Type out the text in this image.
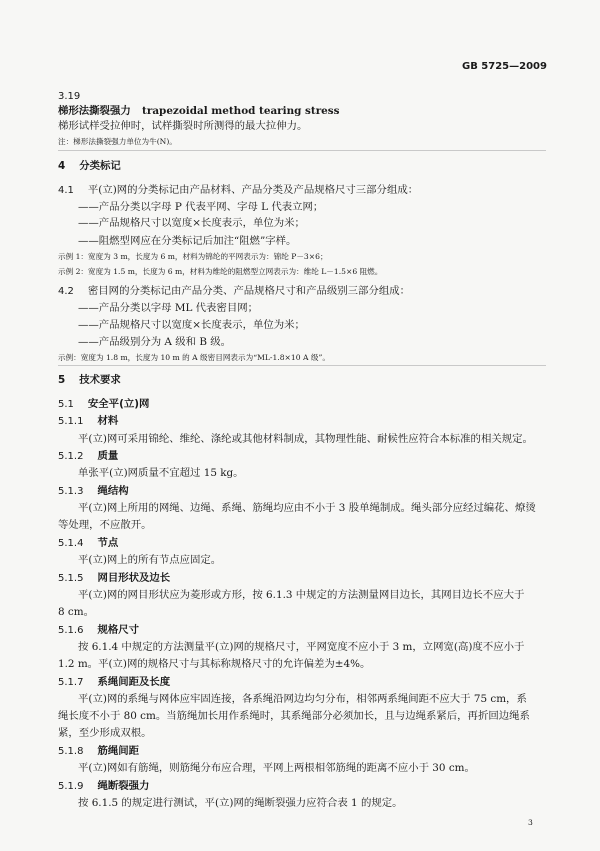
GB 5725—2009
3.19
梯形法撕裂强力 trapezoidal method tearing stress
梯形试样受拉伸时，试样撕裂时所测得的最大拉伸力。
注：梯形法撕裂强力单位为牛(N)。
4 分类标记
4.1 平(立)网的分类标记由产品材料、产品分类及产品规格尺寸三部分组成：
——产品分类以字母 P 代表平网、字母 L 代表立网；
——产品规格尺寸以宽度×长度表示，单位为米；
——阻燃型网应在分类标记后加注“阻燃”字样。
示例 1：宽度为 3 m，长度为 6 m，材料为锦纶的平网表示为：锦纶 P－3×6；
示例 2：宽度为 1.5 m，长度为 6 m，材料为维纶的阻燃型立网表示为：维纶 L－1.5×6 阻燃。
4.2 密目网的分类标记由产品分类、产品规格尺寸和产品级别三部分组成：
——产品分类以字母 ML 代表密目网；
——产品规格尺寸以宽度×长度表示，单位为米；
——产品级别分为 A 级和 B 级。
示例：宽度为 1.8 m，长度为 10 m 的 A 级密目网表示为“ML-1.8×10 A 级”。
5 技术要求
5.1 安全平(立)网
5.1.1 材料
平(立)网可采用锦纶、维纶、涤纶或其他材料制成，其物理性能、耐候性应符合本标准的相关规定。
5.1.2 质量
单张平(立)网质量不宜超过 15 kg。
5.1.3 绳结构
平(立)网上所用的网绳、边绳、系绳、筋绳均应由不小于 3 股单绳制成。绳头部分应经过编花、燎烫
等处理，不应散开。
5.1.4 节点
平(立)网上的所有节点应固定。
5.1.5 网目形状及边长
平(立)网的网目形状应为菱形或方形，按 6.1.3 中规定的方法测量网目边长，其网目边长不应大于
8 cm。
5.1.6 规格尺寸
按 6.1.4 中规定的方法测量平(立)网的规格尺寸，平网宽度不应小于 3 m，立网宽(高)度不应小于
1.2 m。平(立)网的规格尺寸与其标称规格尺寸的允许偏差为±4%。
5.1.7 系绳间距及长度
平(立)网的系绳与网体应牢固连接，各系绳沿网边均匀分布，相邻两系绳间距不应大于 75 cm，系
绳长度不小于 80 cm。当筋绳加长用作系绳时，其系绳部分必须加长，且与边绳系紧后，再折回边绳系
紧，至少形成双根。
5.1.8 筋绳间距
平(立)网如有筋绳，则筋绳分布应合理，平网上两根相邻筋绳的距离不应小于 30 cm。
5.1.9 绳断裂强力
按 6.1.5 的规定进行测试，平(立)网的绳断裂强力应符合表 1 的规定。
3
